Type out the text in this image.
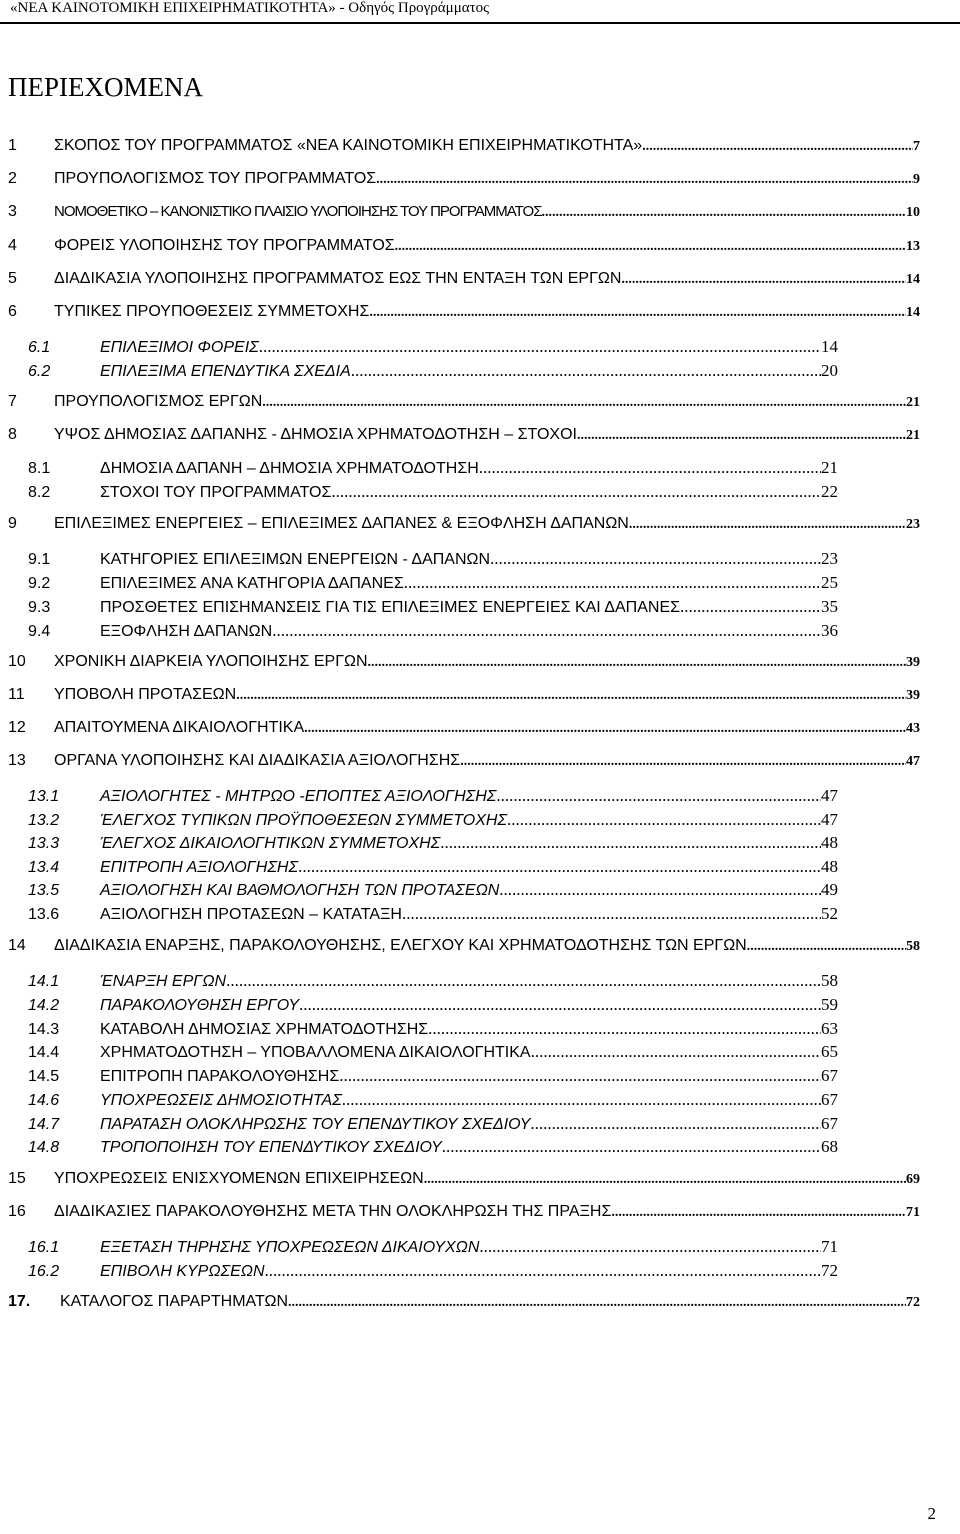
«ΝΕΑ ΚΑΙΝΟΤΟΜΙΚΗ ΕΠΙΧΕΙΡΗΜΑΤΙΚΟΤΗΤΑ» - Οδηγός Προγράμματος
ΠΕΡΙΕΧΟΜΕΝΑ
1	ΣΚΟΠΟΣ ΤΟΥ ΠΡΟΓΡΑΜΜΑΤΟΣ «ΝΕΑ ΚΑΙΝΟΤΟΜΙΚΗ ΕΠΙΧΕΙΡΗΜΑΤΙΚΟΤΗΤΑ» .....	7
2	ΠΡΟΥΠΟΛΟΓΙΣΜΟΣ ΤΟΥ ΠΡΟΓΡΑΜΜΑΤΟΣ .....	9
3	ΝΟΜΟΘΕΤΙΚΟ – ΚΑΝΟΝΙΣΤΙΚΟ ΠΛΑΙΣΙΟ ΥΛΟΠΟΙΗΣΗΣ ΤΟΥ ΠΡΟΓΡΑΜΜΑΤΟΣ .....	10
4	ΦΟΡΕΙΣ ΥΛΟΠΟΙΗΣΗΣ ΤΟΥ ΠΡΟΓΡΑΜΜΑΤΟΣ .....	13
5	ΔΙΑΔΙΚΑΣΙΑ ΥΛΟΠΟΙΗΣΗΣ ΠΡΟΓΡΑΜΜΑΤΟΣ ΕΩΣ ΤΗΝ ΕΝΤΑΞΗ ΤΩΝ ΕΡΓΩΝ .....	14
6	ΤΥΠΙΚΕΣ ΠΡΟΥΠΟΘΕΣΕΙΣ ΣΥΜΜΕΤΟΧΗΣ .....	14
6.1	ΕΠΙΛΕΞΙΜΟΙ ΦΟΡΕΙΣ .....	14
6.2	ΕΠΙΛΕΞΙΜΑ ΕΠΕΝΔΥΤΙΚΑ ΣΧΕΔΙΑ .....	20
7	ΠΡΟΥΠΟΛΟΓΙΣΜΟΣ ΕΡΓΩΝ .....	21
8	ΥΨΟΣ ΔΗΜΟΣΙΑΣ ΔΑΠΑΝΗΣ - ΔΗΜΟΣΙΑ ΧΡΗΜΑΤΟΔΟΤΗΣΗ – ΣΤΟΧΟΙ .....	21
8.1	ΔΗΜΟΣΙΑ ΔΑΠΑΝΗ – ΔΗΜΟΣΙΑ ΧΡΗΜΑΤΟΔΟΤΗΣΗ .....	21
8.2	ΣΤΟΧΟΙ ΤΟΥ ΠΡΟΓΡΑΜΜΑΤΟΣ .....	22
9	ΕΠΙΛΕΞΙΜΕΣ ΕΝΕΡΓΕΙΕΣ – ΕΠΙΛΕΞΙΜΕΣ ΔΑΠΑΝΕΣ & ΕΞΟΦΛΗΣΗ ΔΑΠΑΝΩΝ .....	23
9.1	ΚΑΤΗΓΟΡΙΕΣ ΕΠΙΛΕΞΙΜΩΝ ΕΝΕΡΓΕΙΩΝ - ΔΑΠΑΝΩΝ .....	23
9.2	ΕΠΙΛΕΞΙΜΕΣ ΑΝΑ ΚΑΤΗΓΟΡΙΑ ΔΑΠΑΝΕΣ .....	25
9.3	ΠΡΟΣΘΕΤΕΣ ΕΠΙΣΗΜΑΝΣΕΙΣ ΓΙΑ ΤΙΣ ΕΠΙΛΕΞΙΜΕΣ ΕΝΕΡΓΕΙΕΣ ΚΑΙ ΔΑΠΑΝΕΣ .....	35
9.4	ΕΞΟΦΛΗΣΗ ΔΑΠΑΝΩΝ .....	36
10	ΧΡΟΝΙΚΗ ΔΙΑΡΚΕΙΑ ΥΛΟΠΟΙΗΣΗΣ ΕΡΓΩΝ .....	39
11	ΥΠΟΒΟΛΗ ΠΡΟΤΑΣΕΩΝ .....	39
12	ΑΠΑΙΤΟΥΜΕΝΑ ΔΙΚΑΙΟΛΟΓΗΤΙΚΑ .....	43
13	ΟΡΓΑΝΑ ΥΛΟΠΟΙΗΣΗΣ ΚΑΙ ΔΙΑΔΙΚΑΣΙΑ ΑΞΙΟΛΟΓΗΣΗΣ .....	47
13.1	ΑΞΙΟΛΟΓΗΤΕΣ - ΜΗΤΡΩΟ -ΕΠΟΠΤΕΣ ΑΞΙΟΛΟΓΗΣΗΣ .....	47
13.2	ΈΛΕΓΧΟΣ ΤΥΠΙΚΩΝ ΠΡΟΫΠΟΘΕΣΕΩΝ ΣΥΜΜΕΤΟΧΗΣ .....	47
13.3	ΈΛΕΓΧΟΣ ΔΙΚΑΙΟΛΟΓΗΤΙΚΩΝ ΣΥΜΜΕΤΟΧΗΣ .....	48
13.4	ΕΠΙΤΡΟΠΗ ΑΞΙΟΛΟΓΗΣΗΣ .....	48
13.5	ΑΞΙΟΛΟΓΗΣΗ ΚΑΙ ΒΑΘΜΟΛΟΓΗΣΗ ΤΩΝ ΠΡΟΤΑΣΕΩΝ .....	49
13.6	ΑΞΙΟΛΟΓΗΣΗ ΠΡΟΤΑΣΕΩΝ – ΚΑΤΑΤΑΞΗ .....	52
14	ΔΙΑΔΙΚΑΣΙΑ ΕΝΑΡΞΗΣ, ΠΑΡΑΚΟΛΟΥΘΗΣΗΣ, ΕΛΕΓΧΟΥ ΚΑΙ ΧΡΗΜΑΤΟΔΟΤΗΣΗΣ ΤΩΝ ΕΡΓΩΝ .....	58
14.1	ΈΝΑΡΞΗ ΕΡΓΩΝ .....	58
14.2	ΠΑΡΑΚΟΛΟΥΘΗΣΗ ΕΡΓΟΥ .....	59
14.3	ΚΑΤΑΒΟΛΗ ΔΗΜΟΣΙΑΣ ΧΡΗΜΑΤΟΔΟΤΗΣΗΣ .....	63
14.4	ΧΡΗΜΑΤΟΔΟΤΗΣΗ – ΥΠΟΒΑΛΛΟΜΕΝΑ ΔΙΚΑΙΟΛΟΓΗΤΙΚΑ .....	65
14.5	ΕΠΙΤΡΟΠΗ ΠΑΡΑΚΟΛΟΥΘΗΣΗΣ .....	67
14.6	ΥΠΟΧΡΕΩΣΕΙΣ ΔΗΜΟΣΙΟΤΗΤΑΣ .....	67
14.7	ΠΑΡΑΤΑΣΗ ΟΛΟΚΛΗΡΩΣΗΣ ΤΟΥ ΕΠΕΝΔΥΤΙΚΟΥ ΣΧΕΔΙΟΥ .....	67
14.8	ΤΡΟΠΟΠΟΙΗΣΗ ΤΟΥ ΕΠΕΝΔΥΤΙΚΟΥ ΣΧΕΔΙΟΥ .....	68
15	ΥΠΟΧΡΕΩΣΕΙΣ ΕΝΙΣΧΥΟΜΕΝΩΝ ΕΠΙΧΕΙΡΗΣΕΩΝ .....	69
16	ΔΙΑΔΙΚΑΣΙΕΣ ΠΑΡΑΚΟΛΟΥΘΗΣΗΣ ΜΕΤΑ ΤΗΝ ΟΛΟΚΛΗΡΩΣΗ ΤΗΣ ΠΡΑΞΗΣ .....	71
16.1	ΕΞΕΤΑΣΗ ΤΗΡΗΣΗΣ ΥΠΟΧΡΕΩΣΕΩΝ ΔΙΚΑΙΟΥΧΩΝ .....	71
16.2	ΕΠΙΒΟΛΗ ΚΥΡΩΣΕΩΝ .....	72
17.	ΚΑΤΑΛΟΓΟΣ ΠΑΡΑΡΤΗΜΑΤΩΝ .....	72
2
